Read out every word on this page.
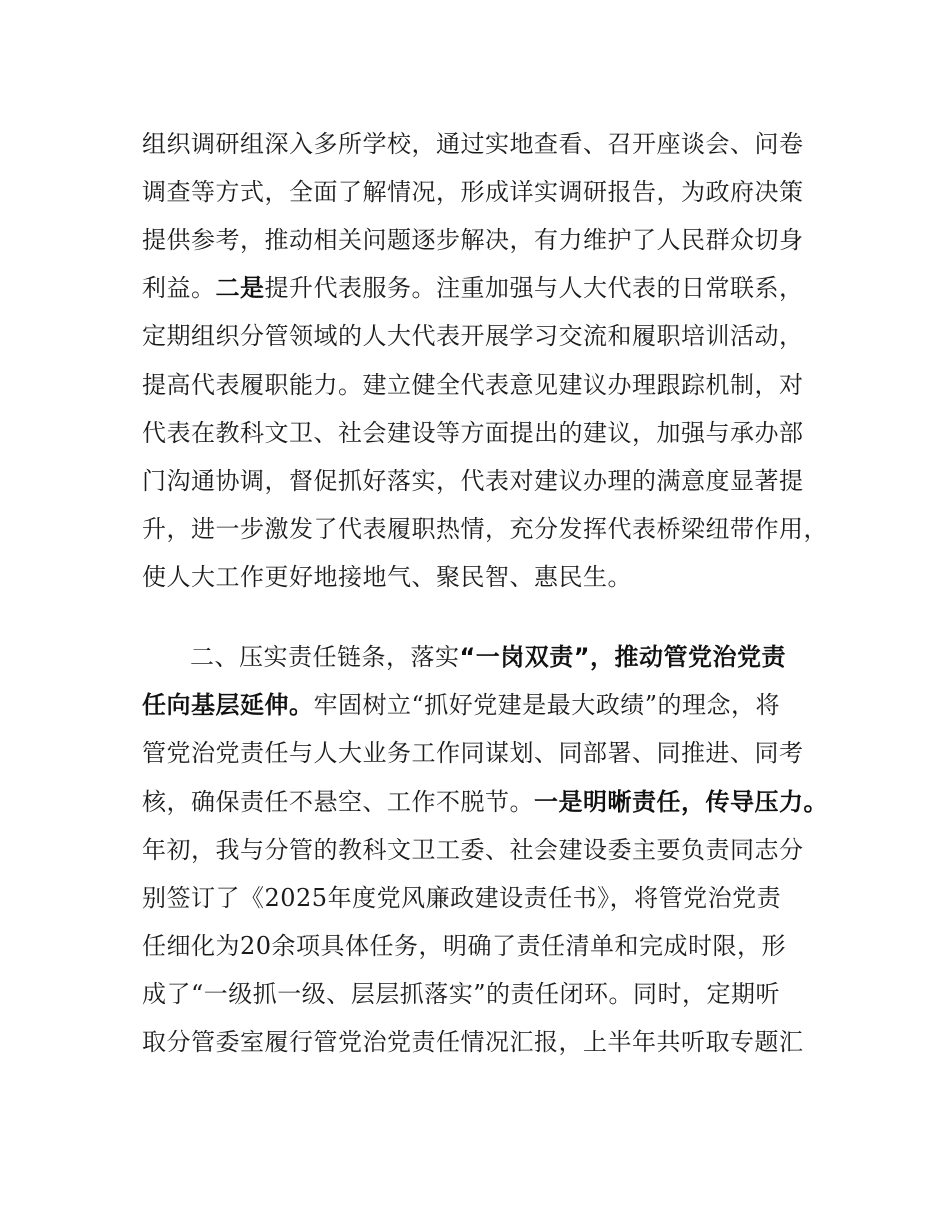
组织调研组深入多所学校，通过实地查看、召开座谈会、问卷
调查等方式，全面了解情况，形成详实调研报告，为政府决策
提供参考，推动相关问题逐步解决，有力维护了人民群众切身
利益。二是提升代表服务。注重加强与人大代表的日常联系，
定期组织分管领域的人大代表开展学习交流和履职培训活动，
提高代表履职能力。建立健全代表意见建议办理跟踪机制，对
代表在教科文卫、社会建设等方面提出的建议，加强与承办部
门沟通协调，督促抓好落实，代表对建议办理的满意度显著提
升，进一步激发了代表履职热情，充分发挥代表桥梁纽带作用，
使人大工作更好地接地气、聚民智、惠民生。
二、压实责任链条，落实“一岗双责”，推动管党治党责
任向基层延伸。牢固树立“抓好党建是最大政绩”的理念，将
管党治党责任与人大业务工作同谋划、同部署、同推进、同考
核，确保责任不悬空、工作不脱节。一是明晰责任，传导压力。
年初，我与分管的教科文卫工委、社会建设委主要负责同志分
别签订了《2025年度党风廉政建设责任书》，将管党治党责
任细化为20余项具体任务，明确了责任清单和完成时限，形
成了“一级抓一级、层层抓落实”的责任闭环。同时，定期听
取分管委室履行管党治党责任情况汇报，上半年共听取专题汇
